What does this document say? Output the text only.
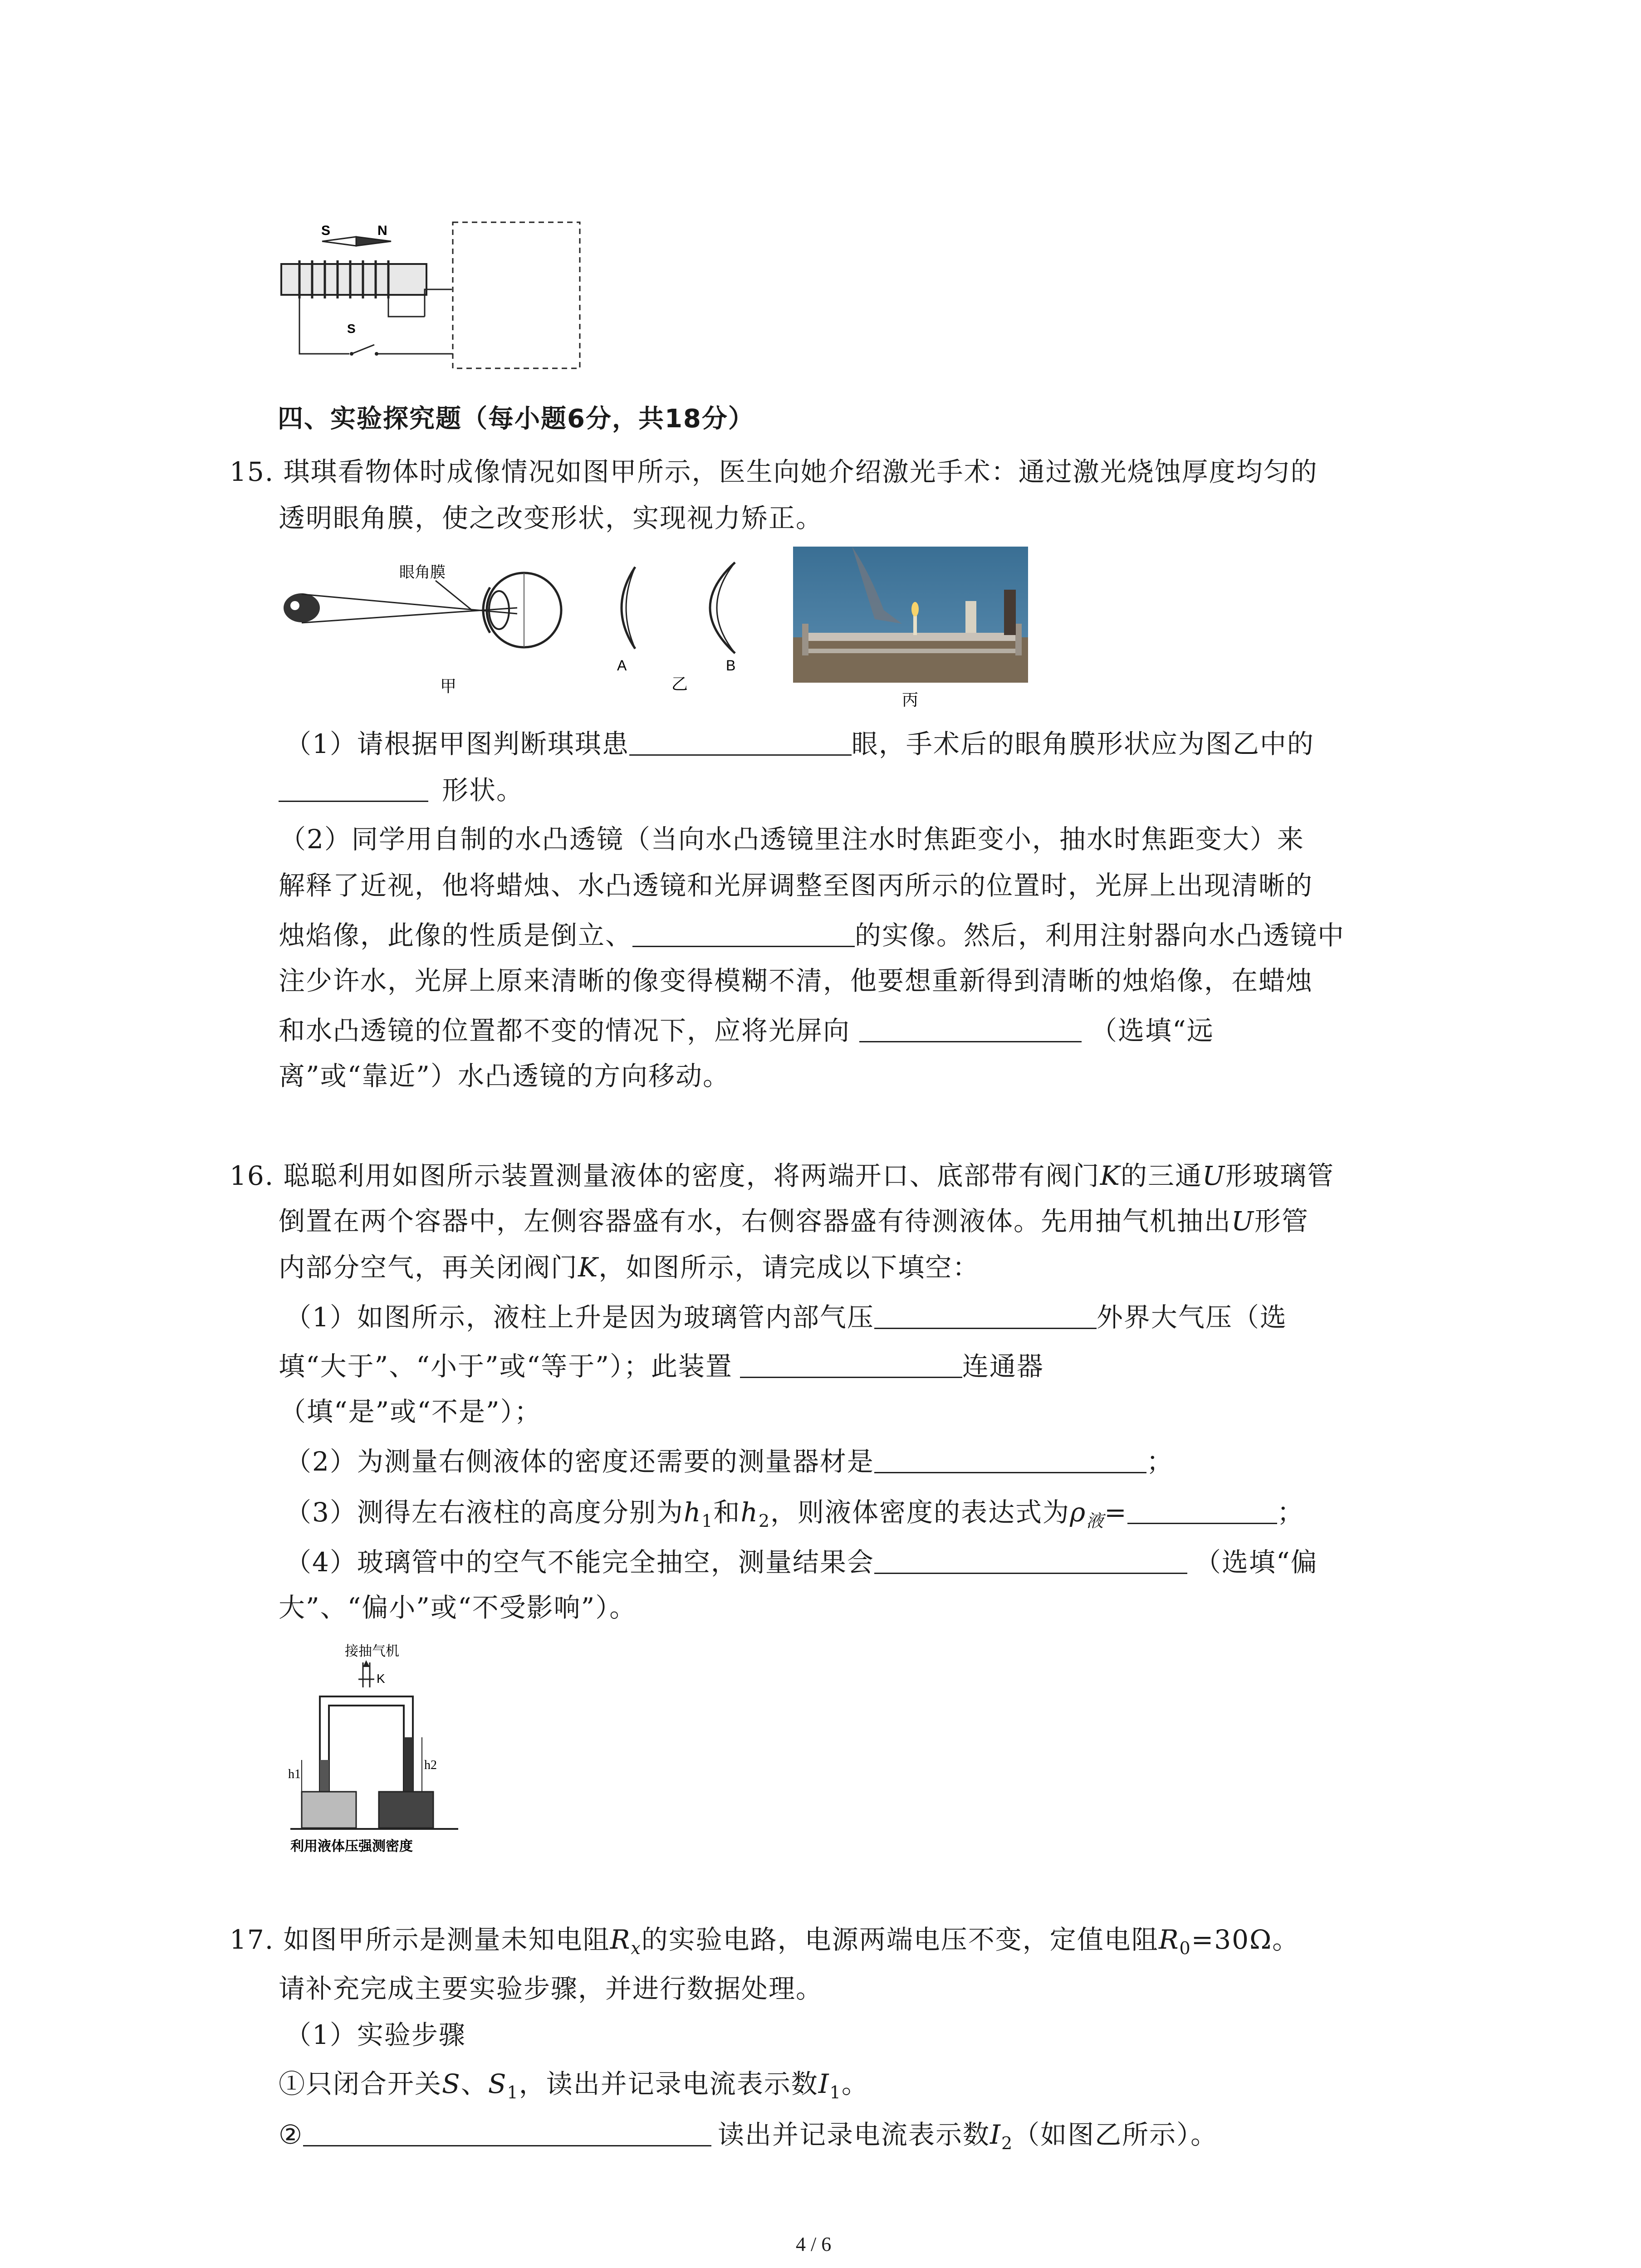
S	N
S
四、实验探究题（每小题6分，共18分）
15. 琪琪看物体时成像情况如图甲所示，医生向她介绍激光手术：通过激光烧蚀厚度均匀的
透明眼角膜，使之改变形状，实现视力矫正。
眼角膜
甲
A	B
乙
丙
（1）请根据甲图判断琪琪患	眼，手术后的眼角膜形状应为图乙中的
形状。
（2）同学用自制的水凸透镜（当向水凸透镜里注水时焦距变小，抽水时焦距变大）来
解释了近视，他将蜡烛、水凸透镜和光屏调整至图丙所示的位置时，光屏上出现清晰的
烛焰像，此像的性质是倒立、	的实像。然后，利用注射器向水凸透镜中
注少许水，光屏上原来清晰的像变得模糊不清，他要想重新得到清晰的烛焰像，在蜡烛
和水凸透镜的位置都不变的情况下，应将光屏向	（选填“远
离”或“靠近”）水凸透镜的方向移动。
16. 聪聪利用如图所示装置测量液体的密度，将两端开口、底部带有阀门K的三通U形玻璃管
倒置在两个容器中，左侧容器盛有水，右侧容器盛有待测液体。先用抽气机抽出U形管
内部分空气，再关闭阀门K，如图所示，请完成以下填空：
（1）如图所示，液柱上升是因为玻璃管内部气压	外界大气压（选
填“大于”、“小于”或“等于”）；此装置	连通器
（填“是”或“不是”）；
（2）为测量右侧液体的密度还需要的测量器材是	；
（3）测得左右液柱的高度分别为$h_1$和$h_2$，则液体密度的表达式为$\rho_液=$	；
（4）玻璃管中的空气不能完全抽空，测量结果会	（选填“偏
大”、“偏小”或“不受影响”）。
接抽气机
K
h1
h2
利用液体压强测密度
17. 如图甲所示是测量未知电阻$R_x$的实验电路，电源两端电压不变，定值电阻$R_0=30\Omega$。
请补充完成主要实验步骤，并进行数据处理。
（1）实验步骤
①只闭合开关S、$S_1$，读出并记录电流表示数$I_1$。
②	读出并记录电流表示数$I_2$（如图乙所示）。
4 / 6
